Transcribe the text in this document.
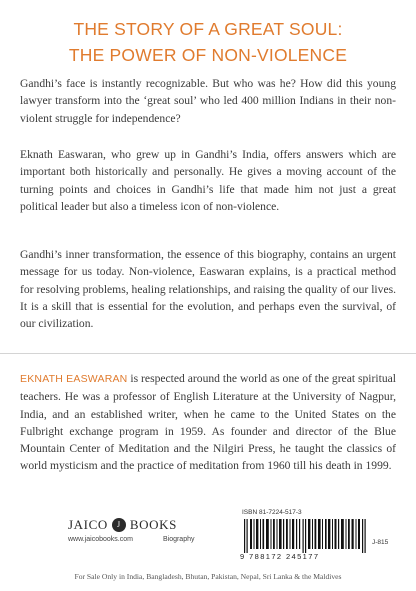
THE STORY OF A GREAT SOUL:
THE POWER OF NON-VIOLENCE

Gandhi’s face is instantly recognizable. But who was he? How did this young lawyer transform into the ‘great soul’ who led 400 million Indians in their non-violent struggle for independence?

Eknath Easwaran, who grew up in Gandhi’s India, offers answers which are important both historically and personally. He gives a moving account of the turning points and choices in Gandhi’s life that made him not just a great political leader but also a timeless icon of non-violence.

Gandhi’s inner transformation, the essence of this biography, contains an urgent message for us today. Non-violence, Easwaran explains, is a practical method for resolving problems, healing relationships, and raising the quality of our lives. It is a skill that is essential for the evolution, and perhaps even the survival, of our civilization.

EKNATH EASWARAN is respected around the world as one of the great spiritual teachers. He was a professor of English Literature at the University of Nagpur, India, and an established writer, when he came to the United States on the Fulbright exchange program in 1959. As founder and director of the Blue Mountain Center of Meditation and the Nilgiri Press, he taught the classics of world mysticism and the practice of meditation from 1960 till his death in 1999.

JAICO	J BOOKS
www.jaicobooks.com	Biography
ISBN 81-7224-517-3
9 788172 245177
J-815
For Sale Only in India, Bangladesh, Bhutan, Pakistan, Nepal, Sri Lanka & the Maldives
